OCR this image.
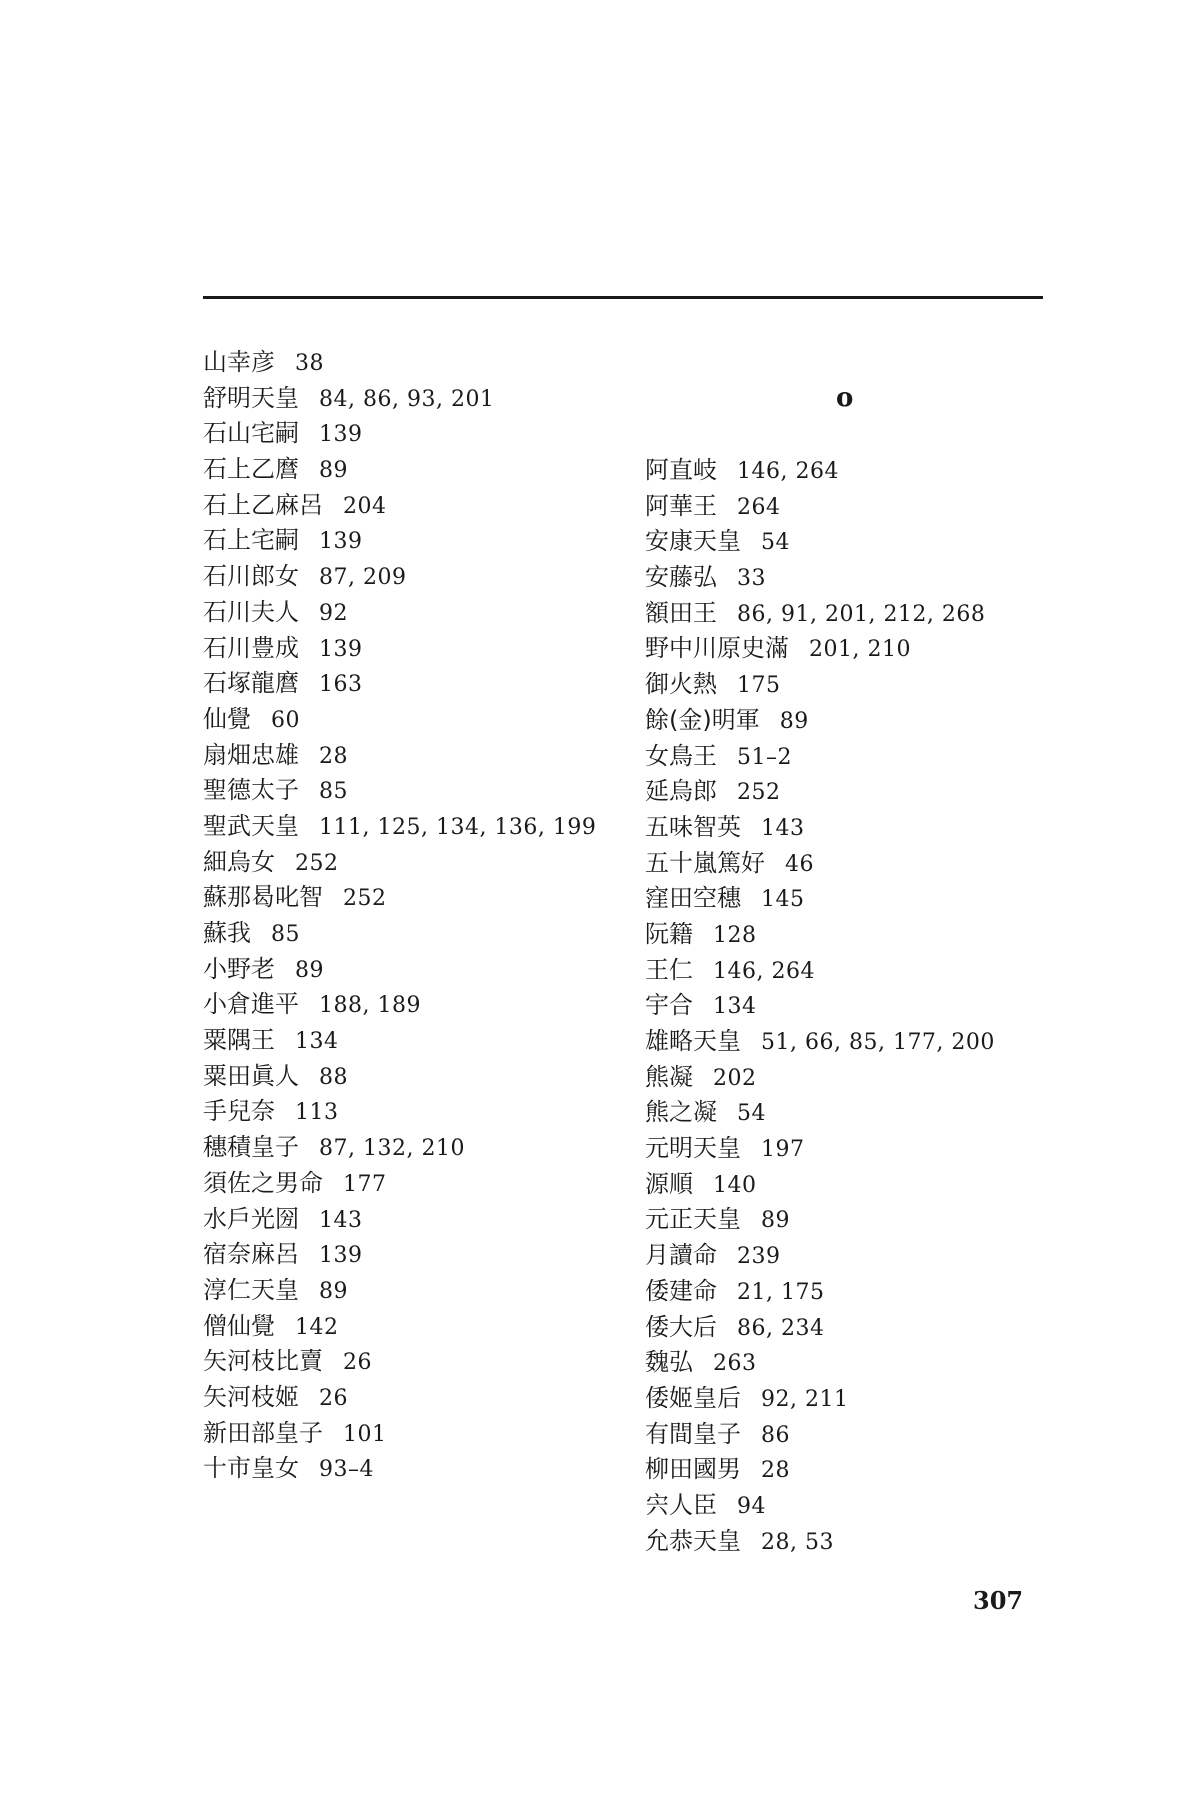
山幸彦 38
舒明天皇 84, 86, 93, 201
石山宅嗣 139
石上乙麿 89
石上乙麻呂 204
石上宅嗣 139
石川郎女 87, 209
石川夫人 92
石川豊成 139
石塚龍麿 163
仙覺 60
扇畑忠雄 28
聖德太子 85
聖武天皇 111, 125, 134, 136, 199
細烏女 252
蘇那曷叱智 252
蘇我 85
小野老 89
小倉進平 188, 189
粟隅王 134
粟田眞人 88
手兒奈 113
穗積皇子 87, 132, 210
須佐之男命 177
水戶光圀 143
宿奈麻呂 139
淳仁天皇 89
僧仙覺 142
矢河枝比賣 26
矢河枝姬 26
新田部皇子 101
十市皇女 93–4
o
阿直岐 146, 264
阿華王 264
安康天皇 54
安藤弘 33
額田王 86, 91, 201, 212, 268
野中川原史滿 201, 210
御火熱 175
餘(金)明軍 89
女鳥王 51–2
延烏郎 252
五味智英 143
五十嵐篤好 46
窪田空穗 145
阮籍 128
王仁 146, 264
宇合 134
雄略天皇 51, 66, 85, 177, 200
熊凝 202
熊之凝 54
元明天皇 197
源順 140
元正天皇 89
月讀命 239
倭建命 21, 175
倭大后 86, 234
魏弘 263
倭姬皇后 92, 211
有間皇子 86
柳田國男 28
宍人臣 94
允恭天皇 28, 53
307
